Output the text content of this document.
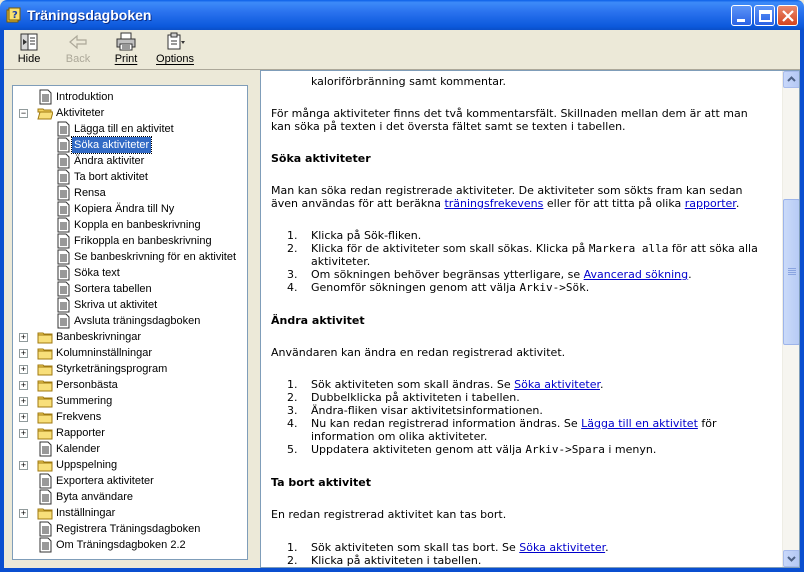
? Träningsdagboken
Hide	Back	Print	Options
Introduktion
−	Aktiviteter
Lägga till en aktivitet
Söka aktiviteter
Ändra aktiviter
Ta bort aktivitet
Rensa
Kopiera Ändra till Ny
Koppla en banbeskrivning
Frikoppla en banbeskrivning
Se banbeskrivning för en aktivitet
Söka text
Sortera tabellen
Skriva ut aktivitet
Avsluta träningsdagboken
+	Banbeskrivningar
+	Kolumninställningar
+	Styrketräningsprogram
+	Personbästa
+	Summering
+	Frekvens
+	Rapporter
Kalender
+	Uppspelning
Exportera aktiviteter
Byta användare
+	Inställningar
Registrera Träningsdagboken
Om Träningsdagboken 2.2

kaloriförbränning samt kommentar.

För många aktiviteter finns det två kommentarsfält. Skillnaden mellan dem är att man kan söka på texten i det översta fältet samt se texten i tabellen.

Söka aktiviteter

Man kan söka redan registrerade aktiviteter. De aktiviteter som sökts fram kan sedan även användas för att beräkna träningsfrekevens eller för att titta på olika rapporter.

1. Klicka på Sök-fliken.
2. Klicka för de aktiviteter som skall sökas. Klicka på Markera alla för att söka alla aktiviteter.
3. Om sökningen behöver begränsas ytterligare, se Avancerad sökning.
4. Genomför sökningen genom att välja Arkiv->Sök.
Ändra aktivitet

Användaren kan ändra en redan registrerad aktivitet.

1. Sök aktiviteten som skall ändras. Se Söka aktiviteter.
2. Dubbelklicka på aktiviteten i tabellen.
3. Ändra-fliken visar aktivitetsinformationen.
4. Nu kan redan registrerad information ändras. Se Lägga till en aktivitet för information om olika aktiviteter.
5. Uppdatera aktiviteten genom att välja Arkiv->Spara i menyn.
Ta bort aktivitet

En redan registrerad aktivitet kan tas bort.

1. Sök aktiviteten som skall tas bort. Se Söka aktiviteter.
2. Klicka på aktiviteten i tabellen.
